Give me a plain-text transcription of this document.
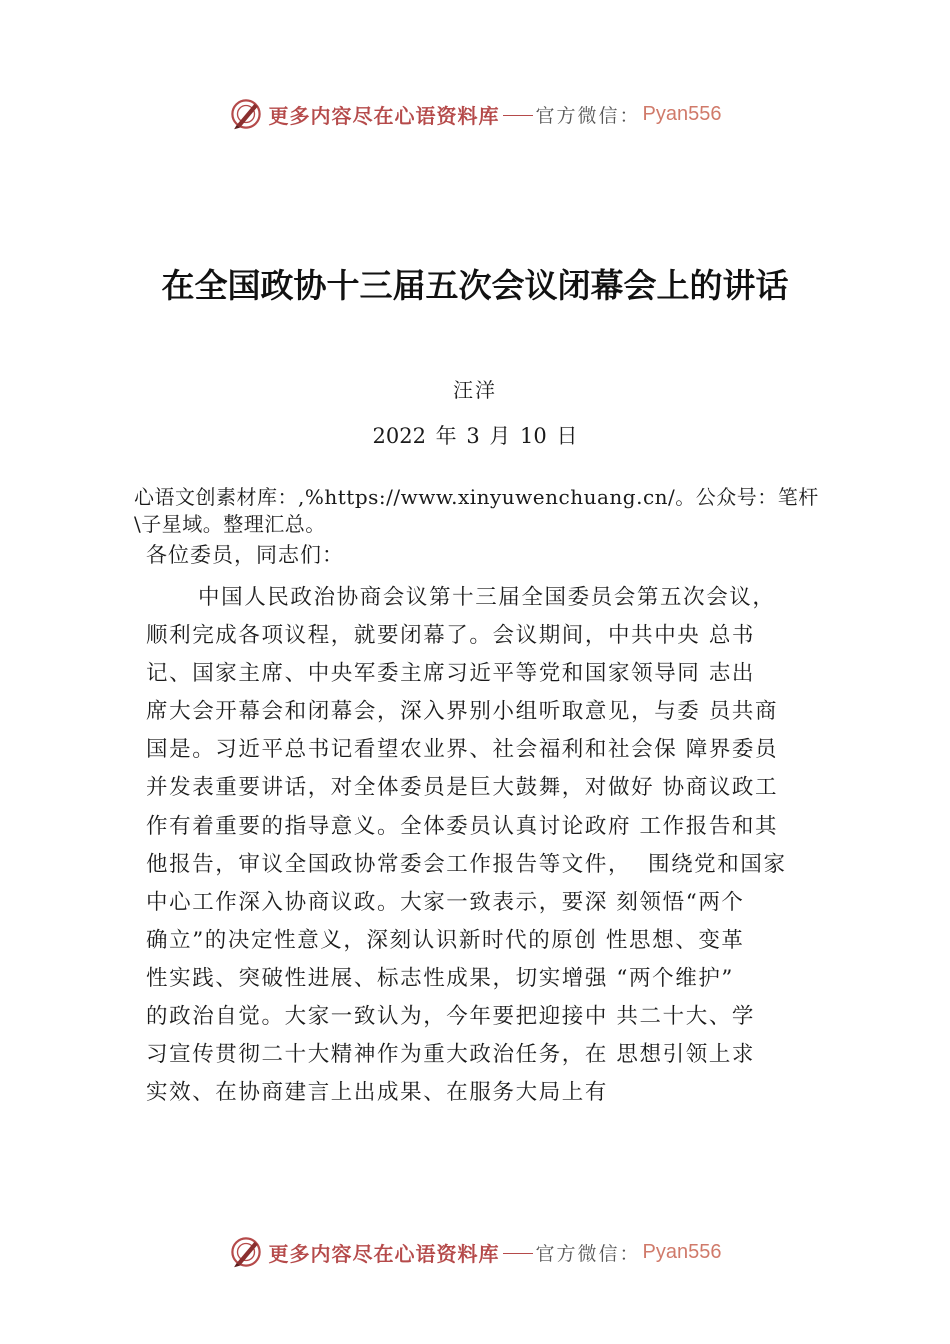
更多内容尽在心语资料库 官方微信： Pyan556
在全国政协十三届五次会议闭幕会上的讲话
汪洋
2022 年 3 月 10 日
心语文创素材库：,%https://www.xinyuwenchuang.cn/。公众号：笔杆\子星域。整理汇总。
各位委员，同志们：
中国人民政治协商会议第十三届全国委员会第五次会议，
顺利完成各项议程，就要闭幕了。会议期间，中共中央 总书
记、国家主席、中央军委主席习近平等党和国家领导同 志出
席大会开幕会和闭幕会，深入界别小组听取意见，与委 员共商
国是。习近平总书记看望农业界、社会福利和社会保 障界委员
并发表重要讲话，对全体委员是巨大鼓舞，对做好 协商议政工
作有着重要的指导意义。全体委员认真讨论政府 工作报告和其
他报告，审议全国政协常委会工作报告等文件，  围绕党和国家
中心工作深入协商议政。大家一致表示，要深 刻领悟“两个
确立”的决定性意义，深刻认识新时代的原创 性思想、变革
性实践、突破性进展、标志性成果，切实增强 “两个维护”
的政治自觉。大家一致认为，今年要把迎接中 共二十大、学
习宣传贯彻二十大精神作为重大政治任务，在 思想引领上求
实效、在协商建言上出成果、在服务大局上有
更多内容尽在心语资料库 官方微信： Pyan556
